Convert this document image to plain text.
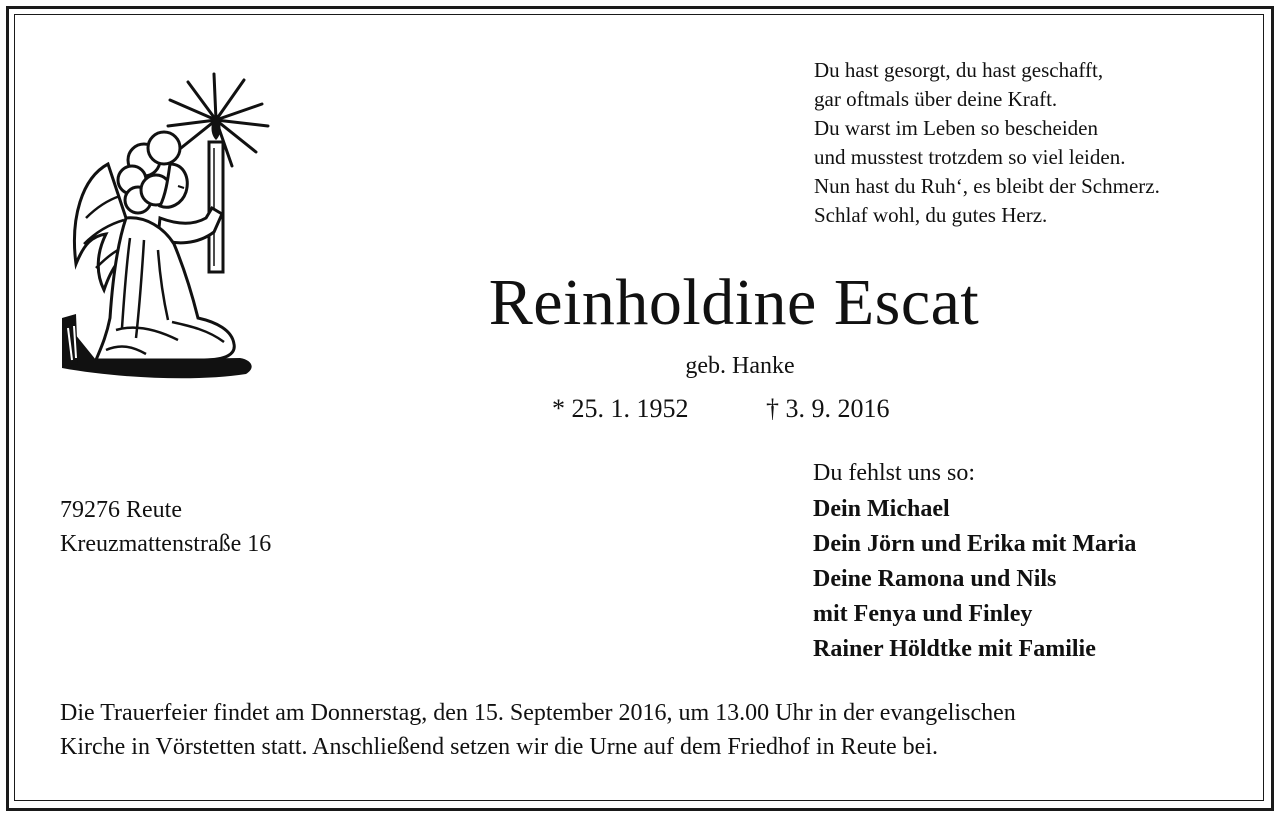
Du hast gesorgt, du hast geschafft,
gar oftmals über deine Kraft.
Du warst im Leben so bescheiden
und musstest trotzdem so viel leiden.
Nun hast du Ruh‘, es bleibt der Schmerz.
Schlaf wohl, du gutes Herz.
Reinholdine Escat
geb. Hanke
* 25. 1. 1952	† 3. 9. 2016
79276 Reute
Kreuzmattenstraße 16
Du fehlst uns so:
Dein Michael
Dein Jörn und Erika mit Maria
Deine Ramona und Nils
mit Fenya und Finley
Rainer Höldtke mit Familie
Die Trauerfeier findet am Donnerstag, den 15. September 2016, um 13.00 Uhr in der evangelischen
Kirche in Vörstetten statt. Anschließend setzen wir die Urne auf dem Friedhof in Reute bei.
